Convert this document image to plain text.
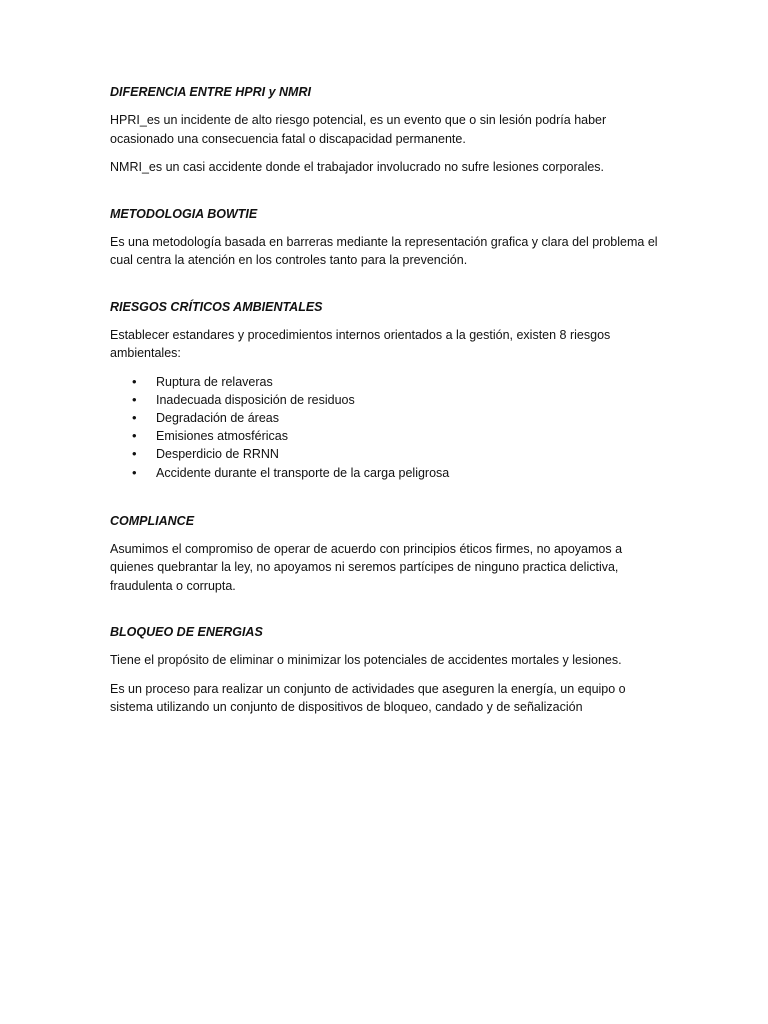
DIFERENCIA ENTRE HPRI y NMRI

HPRI_es un incidente de alto riesgo potencial, es un evento que o sin lesión podría haber ocasionado una consecuencia fatal o discapacidad permanente.

NMRI_es un casi accidente donde el trabajador involucrado no sufre lesiones corporales.

METODOLOGIA BOWTIE

Es una metodología basada en barreras mediante la representación grafica y clara del problema el cual centra la atención en los controles tanto para la prevención.

RIESGOS CRÍTICOS AMBIENTALES

Establecer estandares y procedimientos internos orientados a la gestión, existen 8 riesgos ambientales:

• Ruptura de relaveras
• Inadecuada disposición de residuos
• Degradación de áreas
• Emisiones atmosféricas
• Desperdicio de RRNN
• Accidente durante el transporte de la carga peligrosa
COMPLIANCE

Asumimos el compromiso de operar de acuerdo con principios éticos firmes, no apoyamos a quienes quebrantar la ley, no apoyamos ni seremos partícipes de ninguno practica delictiva, fraudulenta o corrupta.

BLOQUEO DE ENERGIAS

Tiene el propósito de eliminar o minimizar los potenciales de accidentes mortales y lesiones.

Es un proceso para realizar un conjunto de actividades que aseguren la energía, un equipo o sistema utilizando un conjunto de dispositivos de bloqueo, candado y de señalización
